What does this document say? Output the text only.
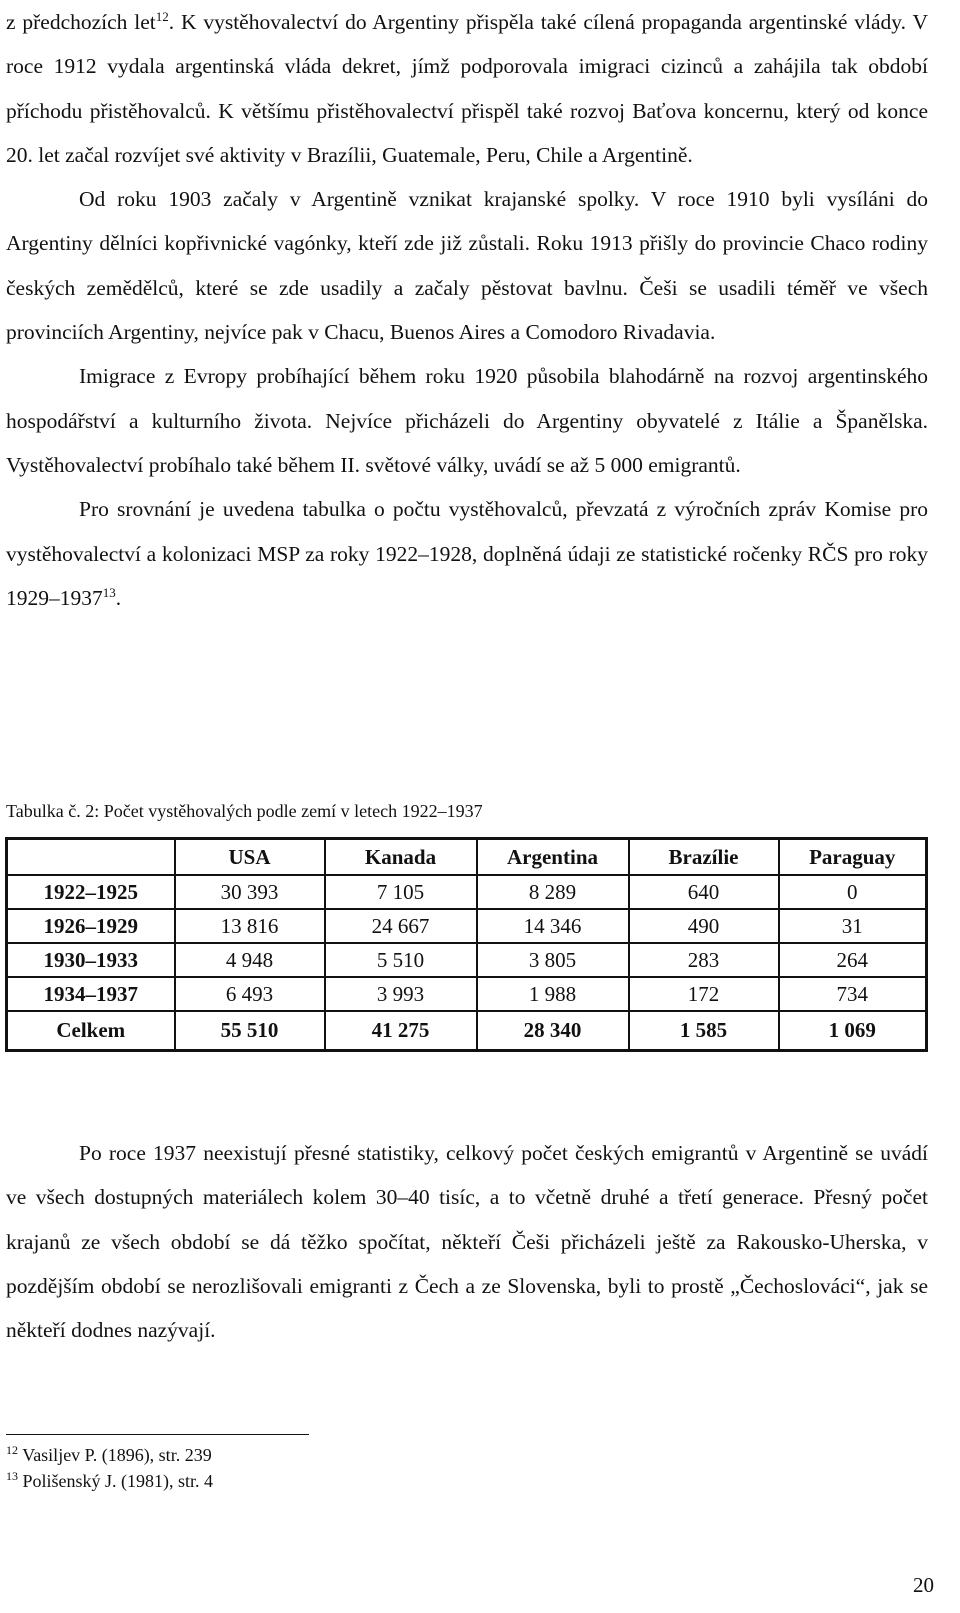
z předchozích let$^{12}$. K vystěhovalectví do Argentiny přispěla také cílená propaganda argentinské vlády. V roce 1912 vydala argentinská vláda dekret, jímž podporovala imigraci cizinců a zahájila tak období příchodu přistěhovalců. K většímu přistěhovalectví přispěl také rozvoj Baťova koncernu, který od konce 20. let začal rozvíjet své aktivity v Brazílii, Guatemale, Peru, Chile a Argentině.

Od roku 1903 začaly v Argentině vznikat krajanské spolky. V roce 1910 byli vysíláni do Argentiny dělníci kopřivnické vagónky, kteří zde již zůstali. Roku 1913 přišly do provincie Chaco rodiny českých zemědělců, které se zde usadily a začaly pěstovat bavlnu. Češi se usadili téměř ve všech provinciích Argentiny, nejvíce pak v Chacu, Buenos Aires a Comodoro Rivadavia.

Imigrace z Evropy probíhající během roku 1920 působila blahodárně na rozvoj argentinského hospodářství a kulturního života. Nejvíce přicházeli do Argentiny obyvatelé z Itálie a Španělska. Vystěhovalectví probíhalo také během II. světové války, uvádí se až 5 000 emigrantů.

Pro srovnání je uvedena tabulka o počtu vystěhovalců, převzatá z výročních zpráv Komise pro vystěhovalectví a kolonizaci MSP za roky 1922–1928, doplněná údaji ze statistické ročenky RČS pro roky 1929–1937$^{13}$.

Tabulka č. 2: Počet vystěhovalých podle zemí v letech 1922–1937
	USA	Kanada	Argentina	Brazílie	Paraguay
1922–1925	30 393	7 105	8 289	640	0
1926–1929	13 816	24 667	14 346	490	31
1930–1933	4 948	5 510	3 805	283	264
1934–1937	6 493	3 993	1 988	172	734
Celkem	55 510	41 275	28 340	1 585	1 069

Po roce 1937 neexistují přesné statistiky, celkový počet českých emigrantů v Argentině se uvádí ve všech dostupných materiálech kolem 30–40 tisíc, a to včetně druhé a třetí generace. Přesný počet krajanů ze všech období se dá těžko spočítat, někteří Češi přicházeli ještě za Rakousko-Uherska, v pozdějším období se nerozlišovali emigranti z Čech a ze Slovenska, byli to prostě „Čechoslováci“, jak se někteří dodnes nazývají.

$^{12}$ Vasiljev P. (1896), str. 239
$^{13}$ Polišenský J. (1981), str. 4
20
